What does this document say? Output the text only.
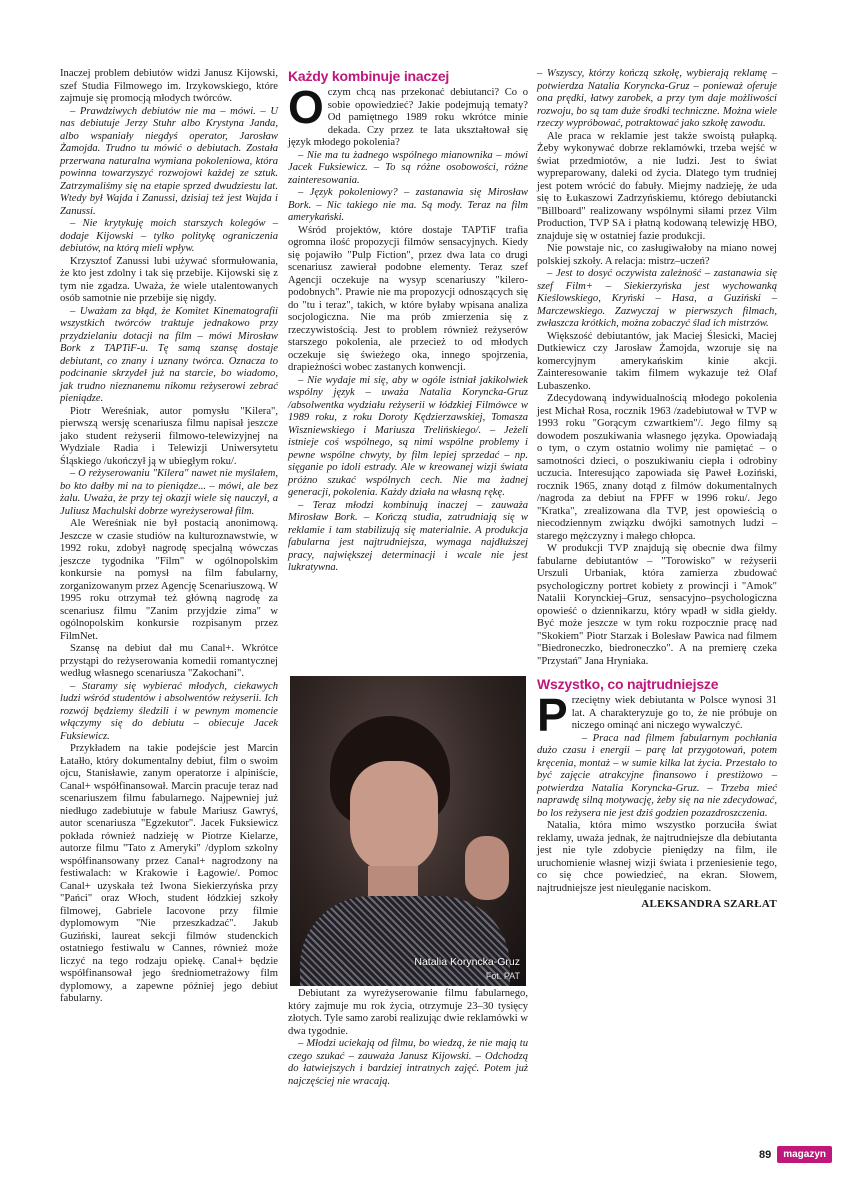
Inaczej problem debiutów widzi Janusz Kijowski, szef Studia Filmowego im. Irzykowskiego, które zajmuje się promocją młodych twórców.

– Prawdziwych debiutów nie ma – mówi. – U nas debiutuje Jerzy Stuhr albo Krystyna Janda, albo wspaniały niegdyś operator, Jarosław Żamojda. Trudno tu mówić o debiutach. Została przerwana naturalna wymiana pokoleniowa, która powinna towarzyszyć rozwojowi każdej ze sztuk. Zatrzymaliśmy się na etapie sprzed dwudziestu lat. Wtedy był Wajda i Zanussi, dzisiaj też jest Wajda i Zanussi.

– Nie krytykuję moich starszych kolegów – dodaje Kijowski – tylko politykę ograniczenia debiutów, na którą mieli wpływ.

Krzysztof Zanussi lubi używać sformułowania, że kto jest zdolny i tak się przebije. Kijowski się z tym nie zgadza. Uważa, że wiele utalentowanych osób samotnie nie przebije się nigdy.

– Uważam za błąd, że Komitet Kinematografii wszystkich twórców traktuje jednakowo przy przydzielaniu dotacji na film – mówi Mirosław Bork z TAPTiF-u. Tę samą szansę dostaje debiutant, co znany i uznany twórca. Oznacza to podcinanie skrzydeł już na starcie, bo wiadomo, jak trudno nieznanemu nikomu reżyserowi zebrać pieniądze.

Piotr Wereśniak, autor pomysłu "Kilera", pierwszą wersję scenariusza filmu napisał jeszcze jako student reżyserii filmowo-telewizyjnej na Wydziale Radia i Telewizji Uniwersytetu Śląskiego /ukończył ją w ubiegłym roku/.

– O reżyserowaniu "Kilera" nawet nie myślałem, bo kto dałby mi na to pieniądze... – mówi, ale bez żalu. Uważa, że przy tej okazji wiele się nauczył, a Juliusz Machulski dobrze wyreżyserował film.

Ale Wereśniak nie był postacią anonimową. Jeszcze w czasie studiów na kulturoznawstwie, w 1992 roku, zdobył nagrodę specjalną wówczas jeszcze tygodnika "Film" w ogólnopolskim konkursie na pomysł na film fabularny, zorganizowanym przez Agencję Scenariuszową. W 1995 roku otrzymał też główną nagrodę za scenariusz filmu "Zanim przyjdzie zima" w ogólnopolskim konkursie rozpisanym przez FilmNet.

Szansę na debiut dał mu Canal+. Wkrótce przystąpi do reżyserowania komedii romantycznej według własnego scenariusza "Zakochani".

– Staramy się wybierać młodych, ciekawych ludzi wśród studentów i absolwentów reżyserii. Ich rozwój będziemy śledzili i w pewnym momencie włączymy się do debiutu – obiecuje Jacek Fuksiewicz.

Przykładem na takie podejście jest Marcin Łatałło, który dokumentalny debiut, film o swoim ojcu, Stanisławie, zanym operatorze i alpiniście, Canal+ współfinansował. Marcin pracuje teraz nad scenariuszem filmu fabularnego. Najpewniej już niedługo zadebiutuje w fabule Mariusz Gawryś, autor scenariusza "Egzekutor". Jacek Fuksiewicz pokłada również nadzieję w Piotrze Kielarze, autorze filmu "Tato z Ameryki" /dyplom szkolny współfinansowany przez Canal+ nagrodzony na festiwalach: w Krakowie i Łagowie/. Pomoc Canal+ uzyskała też Iwona Siekierzyńska przy "Pańci" oraz Włoch, student łódzkiej szkoły filmowej, Gabriele Iacovone przy filmie dyplomowym "Nie przeszkadzać". Jakub Guziński, laureat sekcji filmów studenckich ostatniego festiwalu w Cannes, również może liczyć na tego rodzaju opiekę. Canal+ będzie współfinansował jego średniometrażowy film dyplomowy, a zapewne później jego debiut fabularny.

Każdy kombinuje inaczej

Oczym chcą nas przekonać debiutanci? Co o sobie opowiedzieć? Jakie podejmują tematy? Od pamiętnego 1989 roku wkrótce minie dekada. Czy przez te lata ukształtował się język młodego pokolenia?

– Nie ma tu żadnego wspólnego mianownika – mówi Jacek Fuksiewicz. – To są różne osobowości, różne zainteresowania.

– Język pokoleniowy? – zastanawia się Mirosław Bork. – Nic takiego nie ma. Są mody. Teraz na film amerykański.

Wśród projektów, które dostaje TAPTiF trafia ogromna ilość propozycji filmów sensacyjnych. Kiedy się pojawiło "Pulp Fiction", przez dwa lata co drugi scenariusz zawierał podobne elementy. Teraz szef Agencji oczekuje na wysyp scenariuszy "kilero-podobnych". Prawie nie ma propozycji odnoszących się do "tu i teraz", takich, w które byłaby wpisana analiza socjologiczna. Nie ma prób zmierzenia się z rzeczywistością. Jest to problem również reżyserów starszego pokolenia, ale przecież to od młodych oczekuje się świeżego oka, innego spojrzenia, drapieżności wobec zastanych konwencji.

– Nie wydaje mi się, aby w ogóle istniał jakikolwiek wspólny język – uważa Natalia Korynckа-Gruz /absolwentka wydziału reżyserii w łódzkiej Filmówce w 1989 roku, z roku Doroty Kędzierzawskiej, Tomasza Wiszniewskiego i Mariusza Trelińskiego/. – Jeżeli istnieje coś wspólnego, są nimi wspólne problemy i pewne wspólne chwyty, by film lepiej sprzedać – np. sięganie po idoli estrady. Ale w kreowanej wizji świata próżno szukać wspólnych cech. Nie ma żadnej generacji, pokolenia. Każdy działa na własną rękę.

– Teraz młodzi kombinują inaczej – zauważa Mirosław Bork. – Kończą studia, zatrudniają się w reklamie i tam stabilizują się materialnie. A produkcja fabularna jest najtrudniejsza, wymaga najdłuższej pracy, największej determinacji i wcale nie jest lukratywna.

Debiutant za wyreżyserowanie filmu fabularnego, który zajmuje mu rok życia, otrzymuje 23–30 tysięcy złotych. Tyle samo zarobi realizując dwie reklamówki w dwa tygodnie.

– Młodzi uciekają od filmu, bo wiedzą, że nie mają tu czego szukać – zauważa Janusz Kijowski. – Odchodzą do łatwiejszych i bardziej intratnych zajęć. Potem już najczęściej nie wracają.

Natalia Korynckа-Gruz
Fot. PAT

– Wszyscy, którzy kończą szkołę, wybierają reklamę – potwierdza Natalia Korynckа-Gruz – ponieważ oferuje ona prędki, łatwy zarobek, a przy tym daje możliwości rozwoju, bo są tam duże środki techniczne. Można wiele rzeczy wypróbować, potraktować jako szkołę zawodu.

Ale praca w reklamie jest także swoistą pułapką. Żeby wykonywać dobrze reklamówki, trzeba wejść w świat przedmiotów, a nie ludzi. Jest to świat wypreparowany, daleki od życia. Dlatego tym trudniej jest potem wrócić do fabuły. Miejmy nadzieję, że uda się to Łukaszowi Zadrzyńskiemu, którego debiutancki "Billboard" realizowany wspólnymi siłami przez Vilm Production, TVP SA i płatną kodowaną telewizję HBO, znajduje się w ostatniej fazie produkcji.

Nie powstaje nic, co zasługiwałoby na miano nowej polskiej szkoły. A relacja: mistrz–uczeń?

– Jest to dosyć oczywista zależność – zastanawia się szef Film+ – Siekierzyńska jest wychowanką Kieślowskiego, Kryński – Hasa, a Guziński – Marczewskiego. Zazwyczaj w pierwszych filmach, zwłaszcza krótkich, można zobaczyć ślad ich mistrzów.

Większość debiutantów, jak Maciej Ślesicki, Maciej Dutkiewicz czy Jarosław Żamojda, wzoruje się na komercyjnym amerykańskim kinie akcji. Zainteresowanie takim filmem wykazuje też Olaf Lubaszenko.

Zdecydowaną indywidualnością młodego pokolenia jest Michał Rosa, rocznik 1963 /zadebiutował w TVP w 1993 roku "Gorącym czwartkiem"/. Jego filmy są dowodem poszukiwania własnego języka. Opowiadają o tym, o czym ostatnio wolimy nie pamiętać – o samotności dzieci, o poszukiwaniu ciepła i odrobiny uczucia. Interesująco zapowiada się Paweł Łoziński, rocznik 1965, znany dotąd z filmów dokumentalnych /nagroda za debiut na FPFF w 1996 roku/. Jego "Kratka", zrealizowana dla TVP, jest opowieścią o niecodziennym związku dwójki samotnych ludzi – starego mężczyzny i małego chłopca.

W produkcji TVP znajdują się obecnie dwa filmy fabularne debiutantów – "Torowisko" w reżyserii Urszuli Urbaniak, która zamierza zbudować psychologiczny portret kobiety z prowincji i "Amok" Natalii Korynckiej–Gruz, sensacyjno–psychologiczna opowieść o dziennikarzu, który wpadł w sidła giełdy. Być może jeszcze w tym roku rozpocznie pracę nad "Skokiem" Piotr Starzak i Bolesław Pawica nad filmem "Biedroneczko, biedroneczko". A na premierę czeka "Przystań" Jana Hryniaka.

Wszystko, co najtrudniejsze

Przeciętny wiek debiutanta w Polsce wynosi 31 lat. A charakteryzuje go to, że nie próbuje on niczego ominąć ani niczego wywalczyć.

– Praca nad filmem fabularnym pochłania dużo czasu i energii – parę lat przygotowań, potem kręcenia, montaż – w sumie kilka lat życia. Przestało to być zajęcie atrakcyjne finansowo i prestiżowo – potwierdza Natalia Korynckа-Gruz. – Trzeba mieć naprawdę silną motywację, żeby się na nie zdecydować, bo los reżysera nie jest dziś godzien pozazdroszczenia.

Natalia, która mimo wszystko porzuciła świat reklamy, uważa jednak, że najtrudniejsze dla debiutanta jest nie tyle zdobycie pieniędzy na film, ile uruchomienie własnej wizji świata i przeniesienie tego, co się chce powiedzieć, na ekran. Słowem, najtrudniejsze jest nieulęganie naciskom.

ALEKSANDRA SZARŁAT
89	magazyn
